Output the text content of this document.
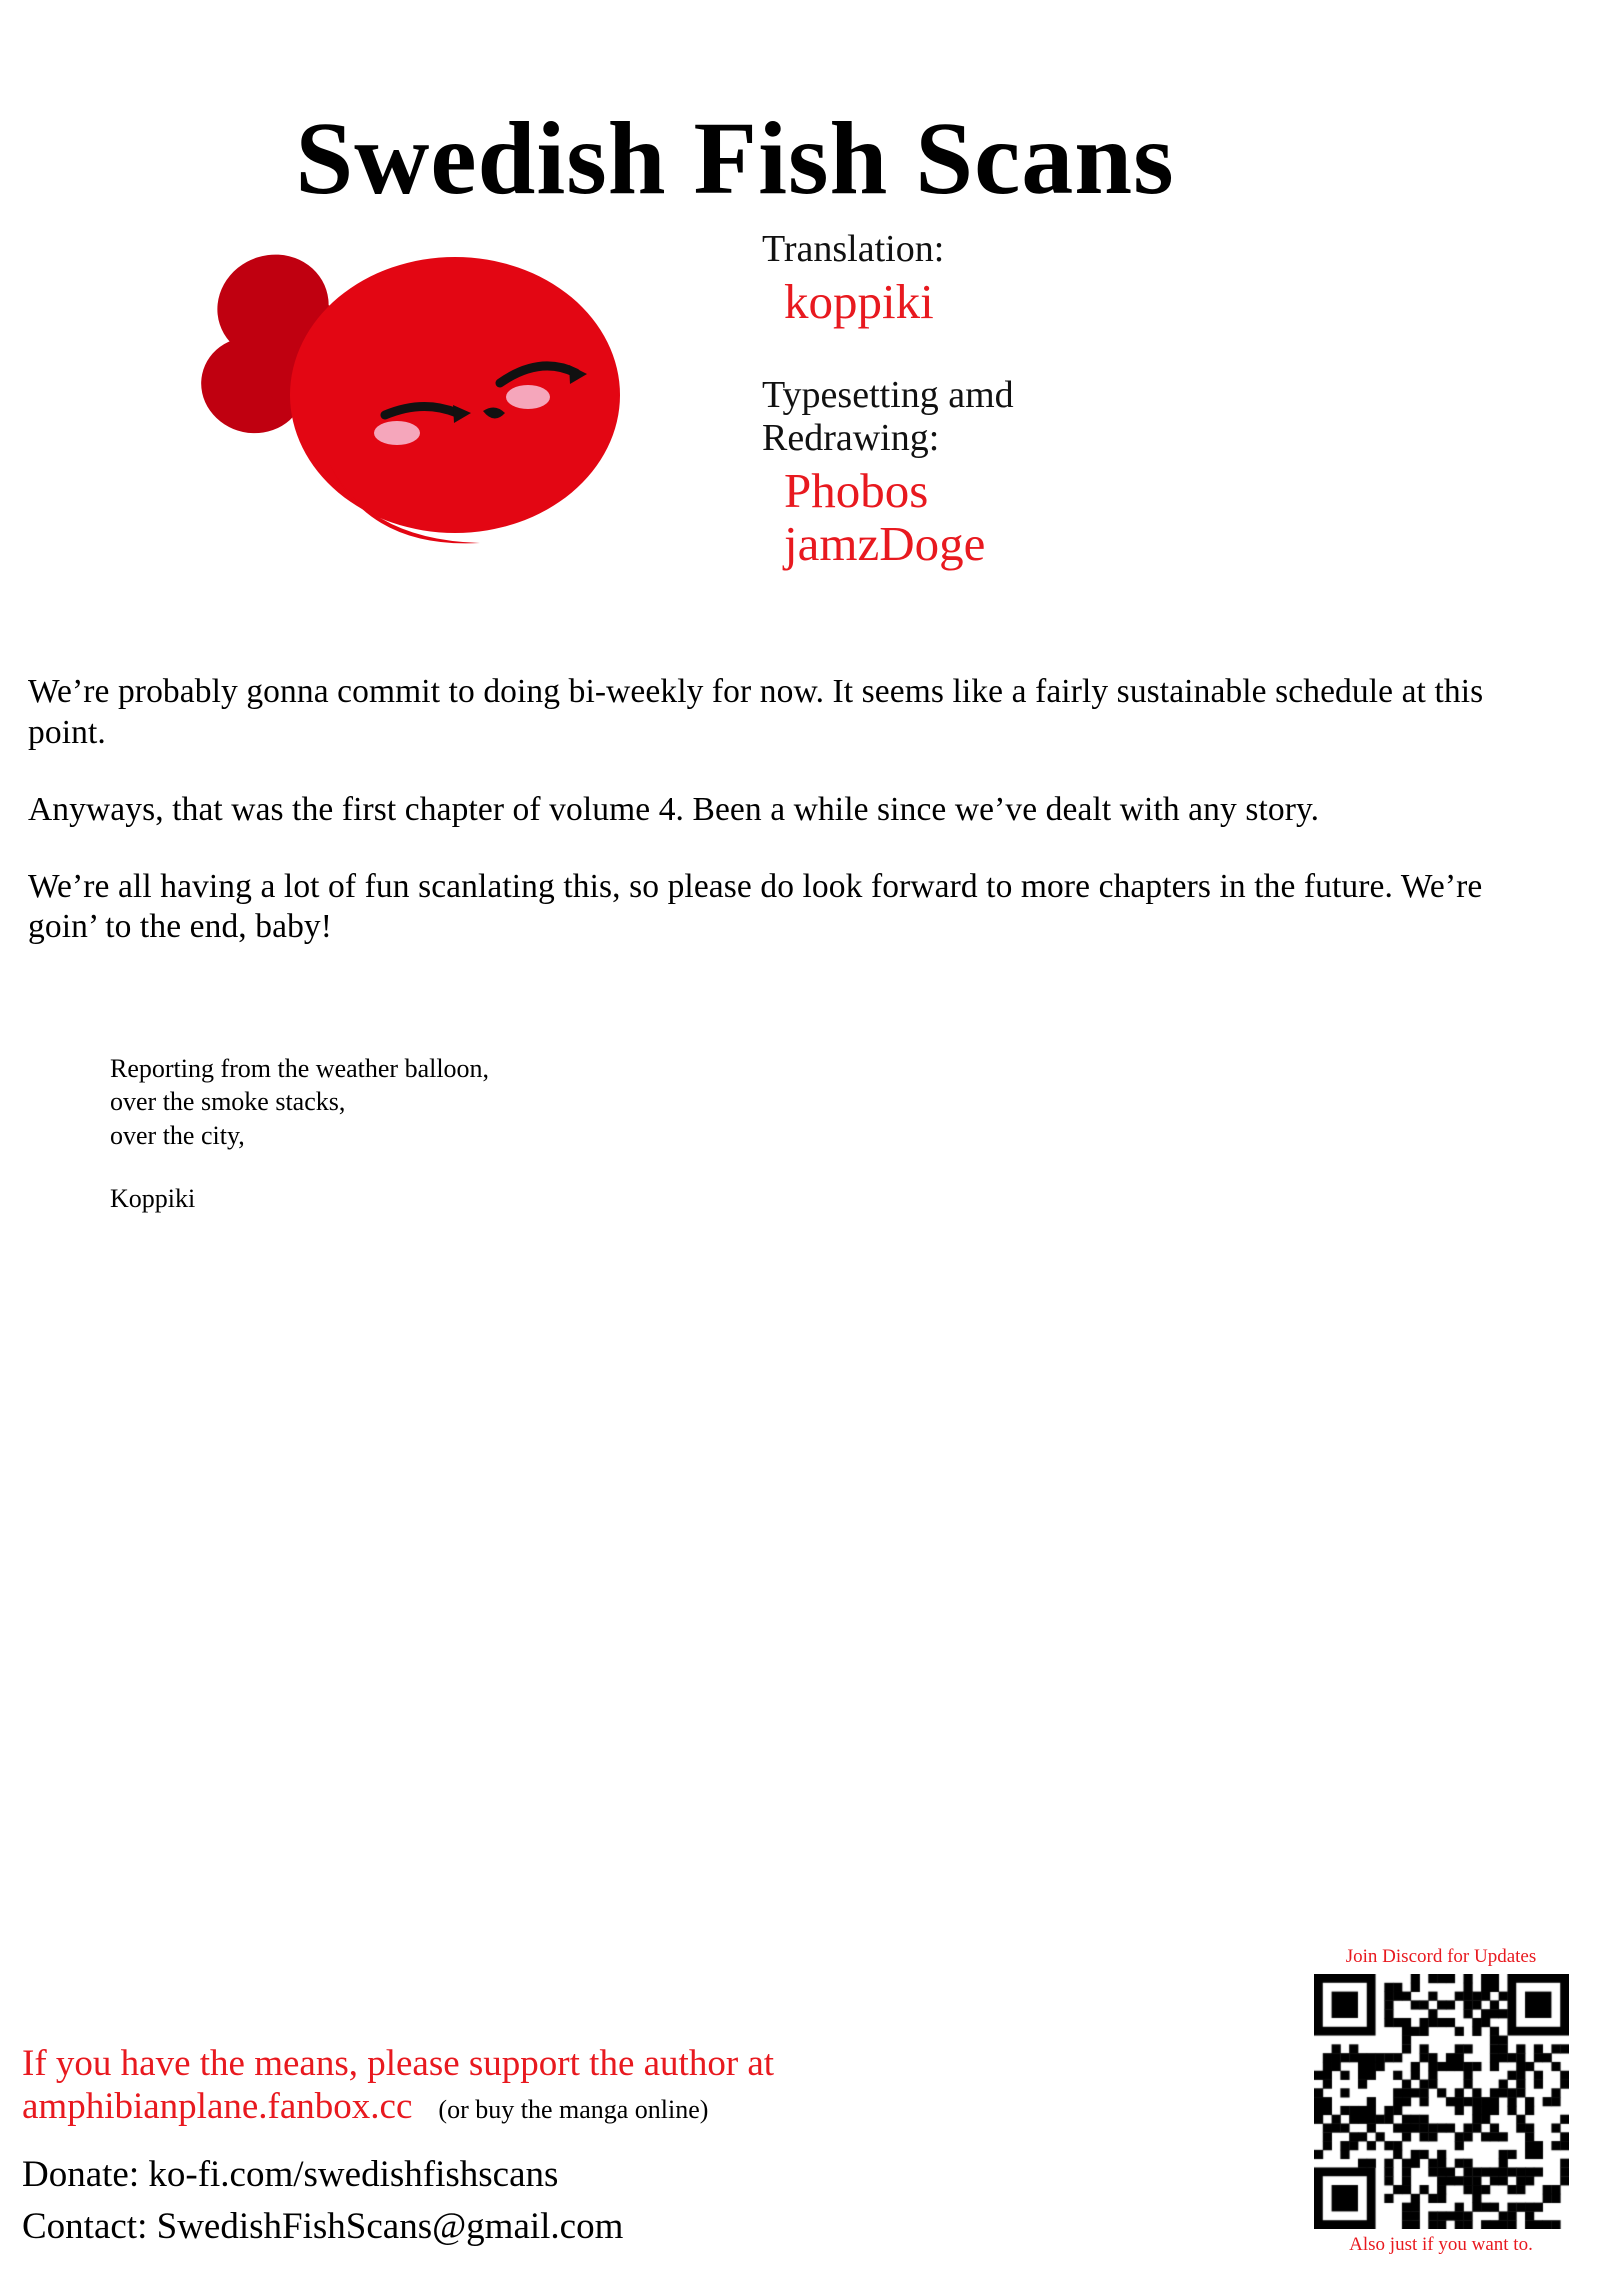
Swedish Fish Scans

Translation:

koppiki

Typesetting amd

Redrawing:

Phobos

jamzDoge

We’re probably gonna commit to doing bi-weekly for now. It seems like a fairly sustainable schedule at this point.

Anyways, that was the first chapter of volume 4. Been a while since we’ve dealt with any story.

We’re all having a lot of fun scanlating this, so please do look forward to more chapters in the future. We’re goin’ to the end, baby!

Reporting from the weather balloon,
over the smoke stacks,
over the city,
Koppiki

If you have the means, please support the author at

amphibianplane.fanbox.cc (or buy the manga online)

Donate: ko-fi.com/swedishfishscans
Contact: SwedishFishScans@gmail.com

Join Discord for Updates
Also just if you want to.
